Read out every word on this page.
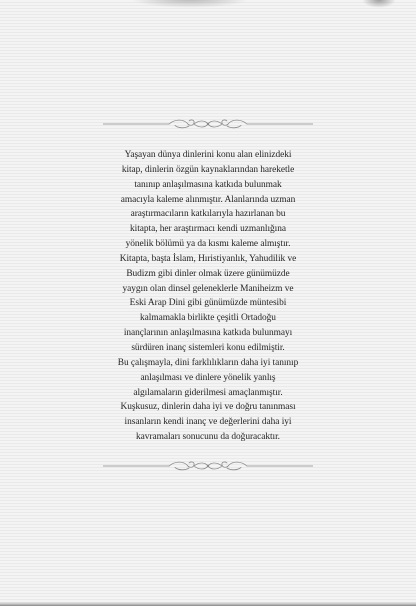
Yaşayan dünya dinlerini konu alan elinizdeki
kitap, dinlerin özgün kaynaklarından hareketle
tanınıp anlaşılmasına katkıda bulunmak
amacıyla kaleme alınmıştır. Alanlarında uzman
araştırmacıların katkılarıyla hazırlanan bu
kitapta, her araştırmacı kendi uzmanlığına
yönelik bölümü ya da kısmı kaleme almıştır.
Kitapta, başta İslam, Hıristiyanlık, Yahudilik ve
Budizm gibi dinler olmak üzere günümüzde
yaygın olan dinsel geleneklerle Maniheizm ve
Eski Arap Dini gibi günümüzde müntesibi
kalmamakla birlikte çeşitli Ortadoğu
inançlarının anlaşılmasına katkıda bulunmayı
sürdüren inanç sistemleri konu edilmiştir.
Bu çalışmayla, dini farklılıkların daha iyi tanınıp
anlaşılması ve dinlere yönelik yanlış
algılamaların giderilmesi amaçlanmıştır.
Kuşkusuz, dinlerin daha iyi ve doğru tanınması
insanların kendi inanç ve değerlerini daha iyi
kavramaları sonucunu da doğuracaktır.
